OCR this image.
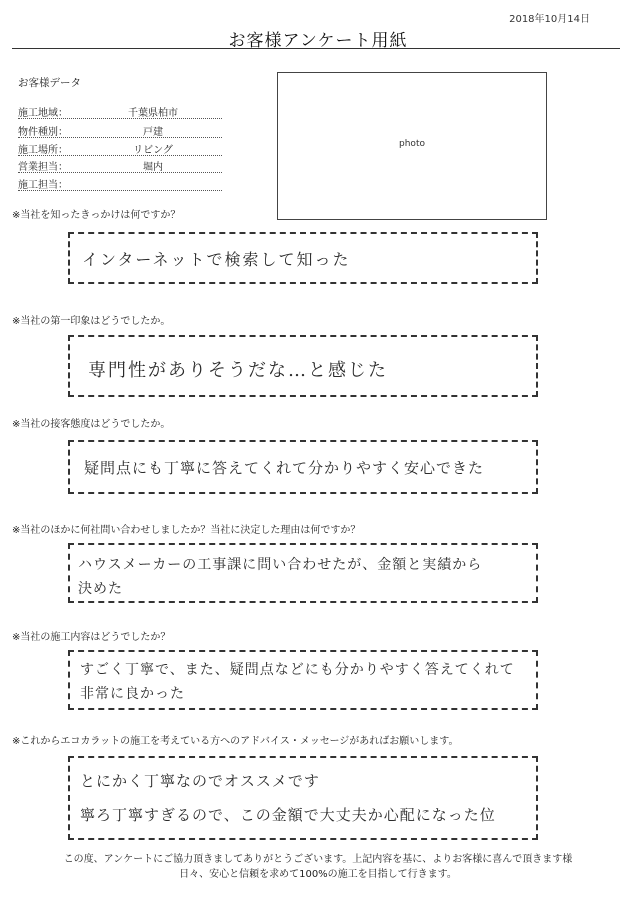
2018年10月14日
お客様アンケート用紙
お客様データ
施工地域：	千葉県柏市
物件種別：	戸建
施工場所：	リビング
営業担当：	堀内
施工担当：
photo
※当社を知ったきっかけは何ですか？
インターネットで検索して知った
※当社の第一印象はどうでしたか。
専門性がありそうだな…と感じた
※当社の接客態度はどうでしたか。
疑問点にも丁寧に答えてくれて分かりやすく安心できた
※当社のほかに何社問い合わせしましたか？当社に決定した理由は何ですか？
ハウスメーカーの工事課に問い合わせたが、金額と実績から
決めた
※当社の施工内容はどうでしたか？
すごく丁寧で、また、疑問点などにも分かりやすく答えてくれて
非常に良かった
※これからエコカラットの施工を考えている方へのアドバイス・メッセージがあればお願いします。
とにかく丁寧なのでオススメです
寧ろ丁寧すぎるので、この金額で大丈夫か心配になった位
この度、アンケートにご協力頂きましてありがとうございます。上記内容を基に、よりお客様に喜んで頂きます様
日々、安心と信頼を求めて100%の施工を目指して行きます。
